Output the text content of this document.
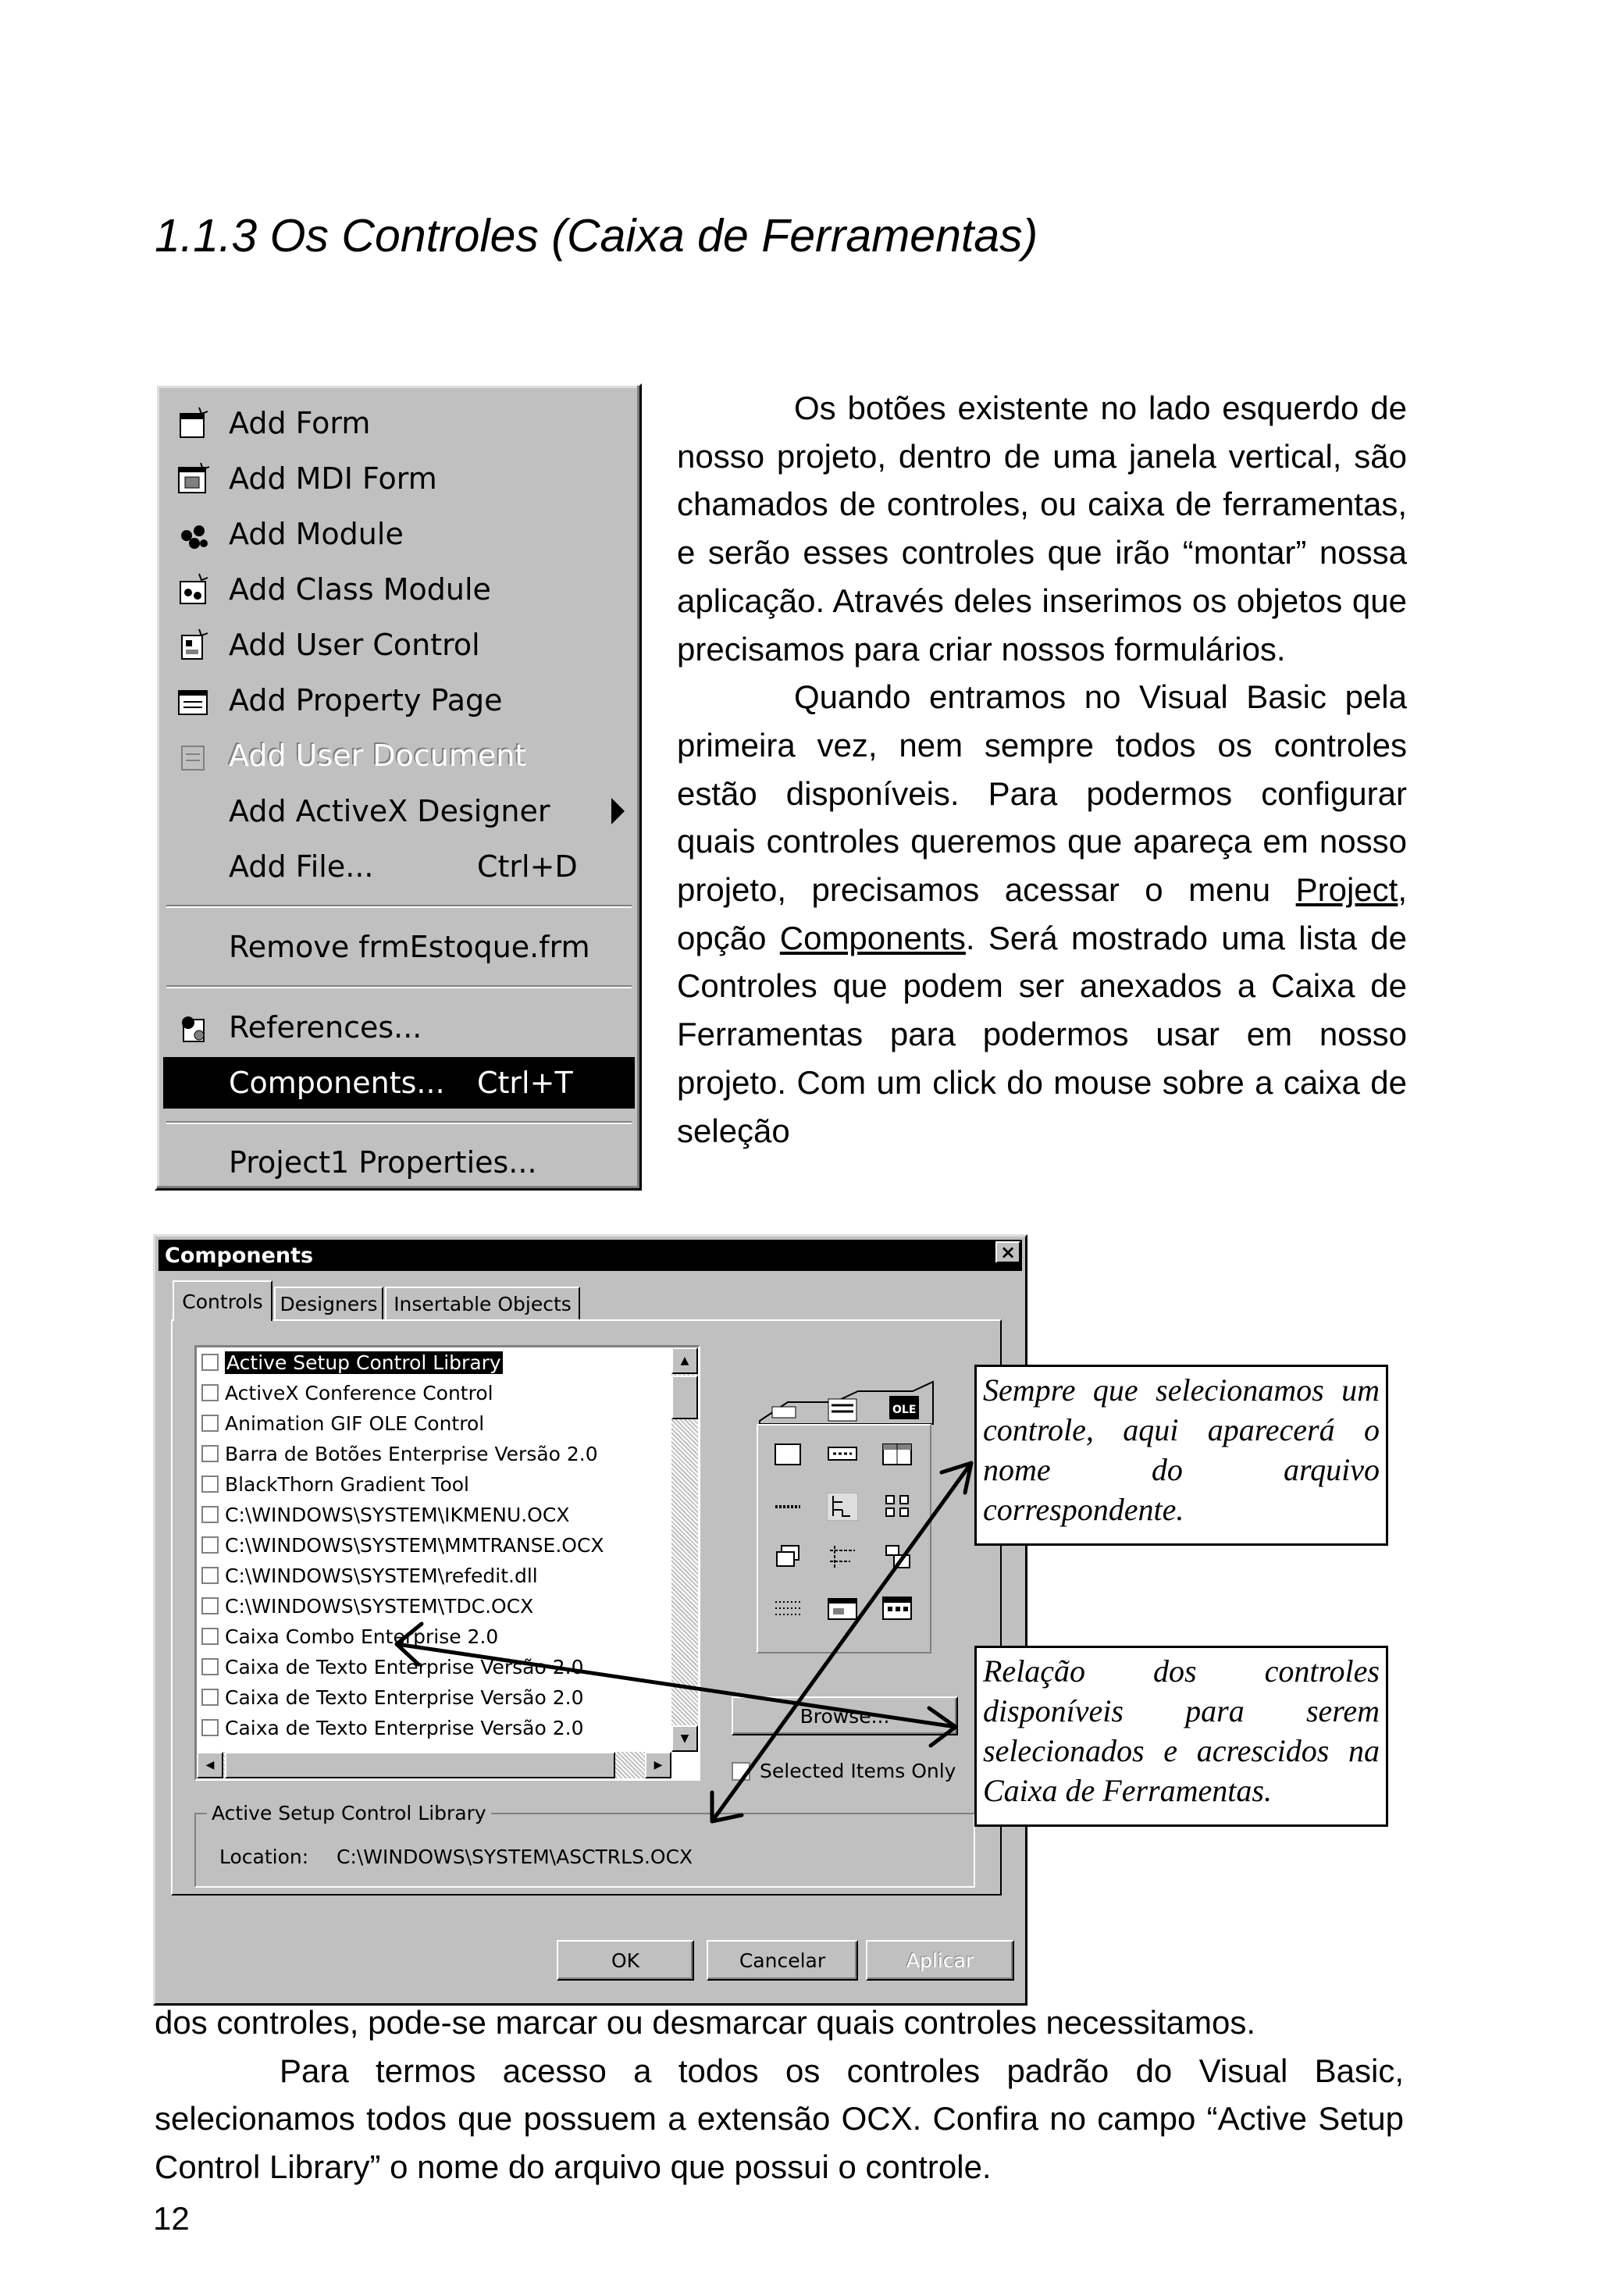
1.1.3 Os Controles (Caixa de Ferramentas)
Add Form
Add MDI Form
Add Module
Add Class Module
Add User Control
Add Property Page
Add User Document
Add ActiveX Designer
Add File...	Ctrl+D
Remove frmEstoque.frm
References...
Components... Ctrl+T
Project1 Properties...

Os botões existente no lado esquerdo de nosso projeto, dentro de uma janela vertical, são chamados de controles, ou caixa de ferramentas, e serão esses controles que irão “montar” nossa aplicação. Através deles inserimos os objetos que precisamos para criar nossos formulários.

Quando entramos no Visual Basic pela primeira vez, nem sempre todos os controles estão disponíveis. Para podermos configurar quais controles queremos que apareça em nosso projeto, precisamos acessar o menu Project, opção Components. Será mostrado uma lista de Controles que podem ser anexados a Caixa de Ferramentas para podermos usar em nosso projeto. Com um click do mouse sobre a caixa de seleção

Components	×
Controls Designers Insertable Objects
Active Setup Control Library
ActiveX Conference Control
Animation GIF OLE Control
Barra de Botões Enterprise Versão 2.0
BlackThorn Gradient Tool
C:\WINDOWS\SYSTEM\IKMENU.OCX
C:\WINDOWS\SYSTEM\MMTRANSE.OCX
C:\WINDOWS\SYSTEM\refedit.dll
C:\WINDOWS\SYSTEM\TDC.OCX
Caixa Combo Enterprise 2.0
Caixa de Texto Enterprise Versão 2.0
Caixa de Texto Enterprise Versão 2.0
Caixa de Texto Enterprise Versão 2.0
▲
▼
◀	▶
OLE
Browse...
Selected Items Only
Active Setup Control Library
Location: C:\WINDOWS\SYSTEM\ASCTRLS.OCX
OK	Cancelar	Aplicar
Sempre que selecionamos um controle, aqui aparecerá o nome do arquivo correspondente.
Relação dos controles disponíveis para serem selecionados e acrescidos na Caixa de Ferramentas.

dos controles, pode-se marcar ou desmarcar quais controles necessitamos.

Para termos acesso a todos os controles padrão do Visual Basic, selecionamos todos que possuem a extensão OCX. Confira no campo “Active Setup Control Library” o nome do arquivo que possui o controle.

12
